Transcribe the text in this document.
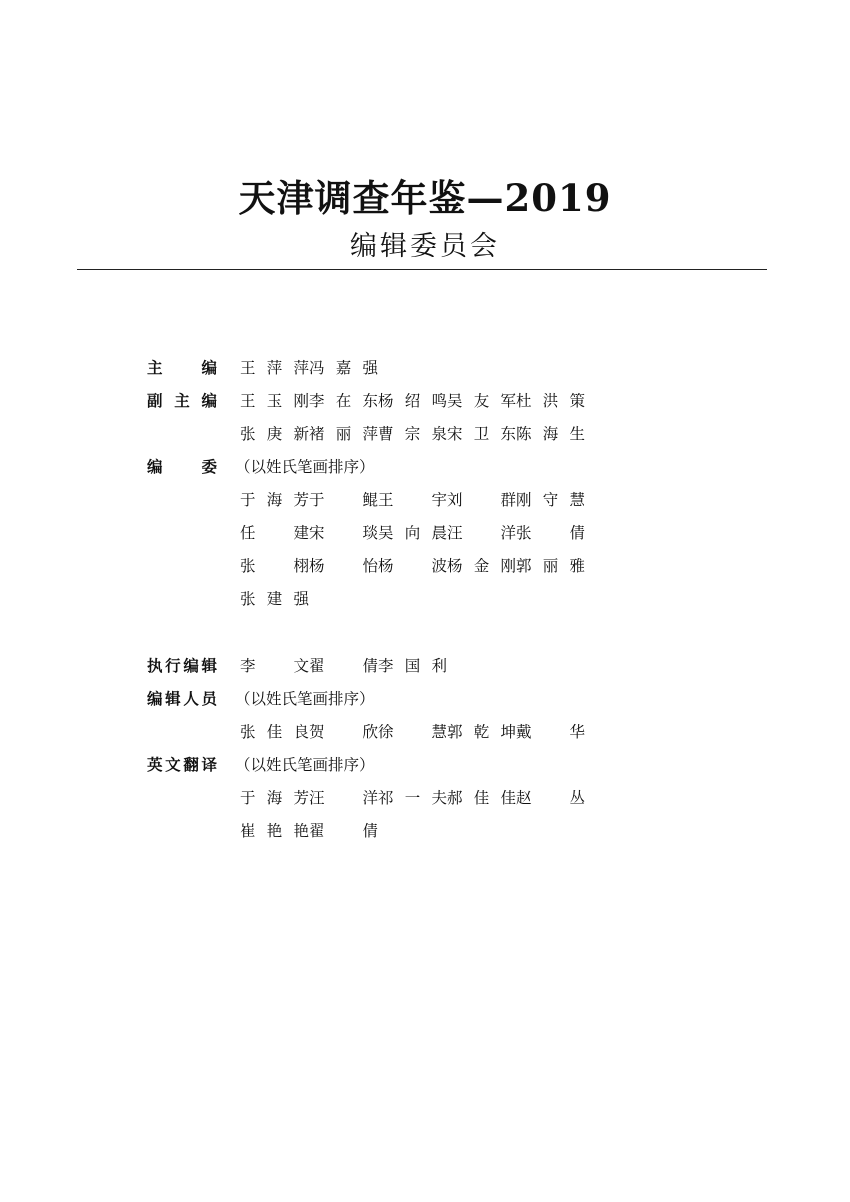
天津调查年鉴—2019
编辑委员会
主　　编 王萍萍冯嘉强
副 主 编 王玉刚李在东杨绍鸣吴友军杜洪策
张庚新褚丽萍曹宗泉宋卫东陈海生
编　　委 （以姓氏笔画排序）
于海芳于　鲲王　宇刘　群刚守慧
任　建宋　琰吴向晨汪　洋张　倩
张　栩杨　怡杨　波杨金刚郭丽雅
张建强
执行编辑 李　文翟　倩李国利
编辑人员 （以姓氏笔画排序）
张佳良贺　欣徐　慧郭乾坤戴　华
英文翻译 （以姓氏笔画排序）
于海芳汪　洋祁一夫郝佳佳赵　丛
崔艳艳翟　倩
